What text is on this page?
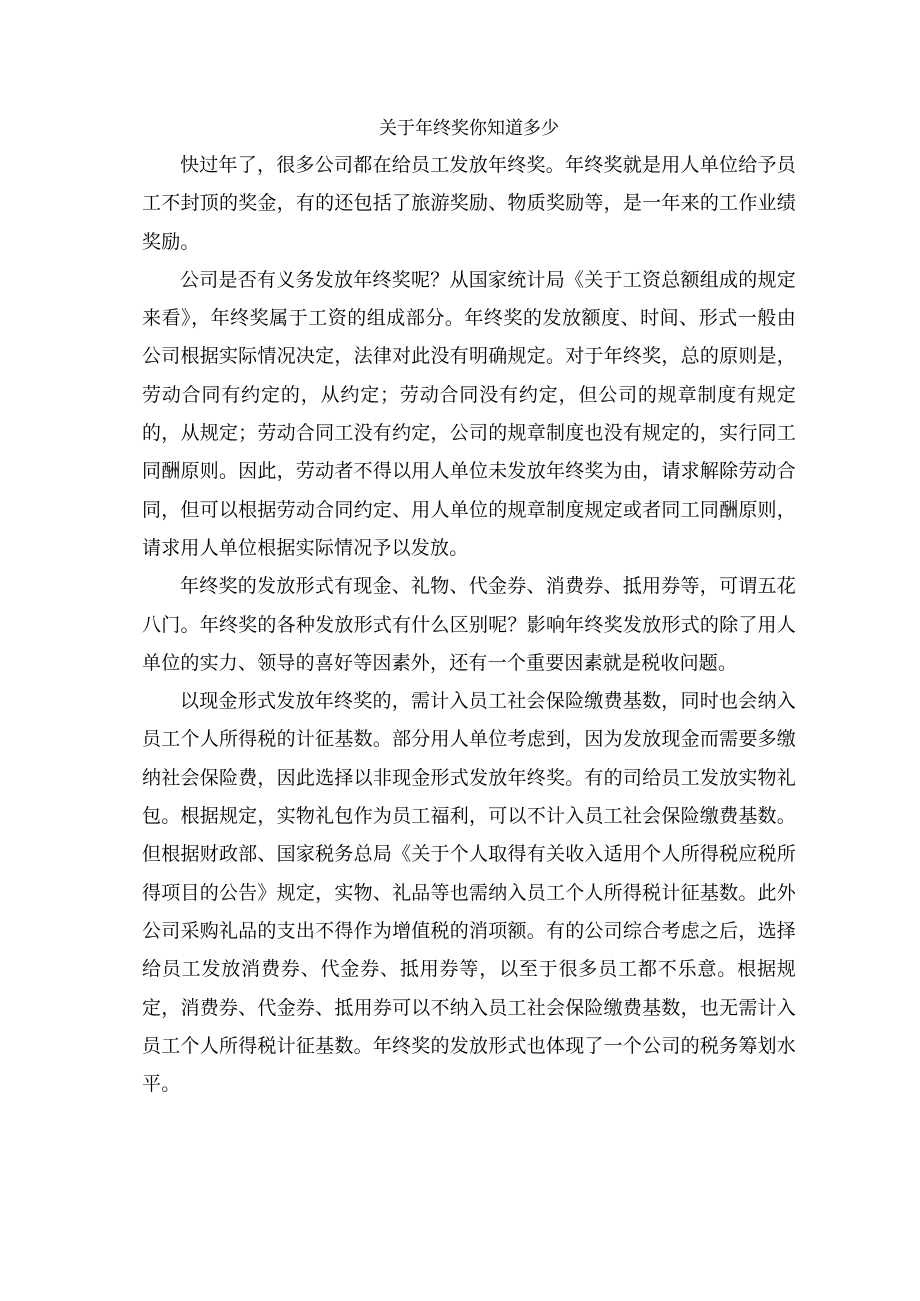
关于年终奖你知道多少

快过年了，很多公司都在给员工发放年终奖。年终奖就是用人单位给予员工不封顶的奖金，有的还包括了旅游奖励、物质奖励等，是一年来的工作业绩奖励。

公司是否有义务发放年终奖呢？从国家统计局《关于工资总额组成的规定来看》，年终奖属于工资的组成部分。年终奖的发放额度、时间、形式一般由公司根据实际情况决定，法律对此没有明确规定。对于年终奖，总的原则是，劳动合同有约定的，从约定；劳动合同没有约定，但公司的规章制度有规定的，从规定；劳动合同工没有约定，公司的规章制度也没有规定的，实行同工同酬原则。因此，劳动者不得以用人单位未发放年终奖为由，请求解除劳动合同，但可以根据劳动合同约定、用人单位的规章制度规定或者同工同酬原则，请求用人单位根据实际情况予以发放。

年终奖的发放形式有现金、礼物、代金券、消费券、抵用券等，可谓五花八门。年终奖的各种发放形式有什么区别呢？影响年终奖发放形式的除了用人单位的实力、领导的喜好等因素外，还有一个重要因素就是税收问题。

以现金形式发放年终奖的，需计入员工社会保险缴费基数，同时也会纳入员工个人所得税的计征基数。部分用人单位考虑到，因为发放现金而需要多缴纳社会保险费，因此选择以非现金形式发放年终奖。有的司给员工发放实物礼包。根据规定，实物礼包作为员工福利，可以不计入员工社会保险缴费基数。但根据财政部、国家税务总局《关于个人取得有关收入适用个人所得税应税所得项目的公告》规定，实物、礼品等也需纳入员工个人所得税计征基数。此外公司采购礼品的支出不得作为增值税的消项额。有的公司综合考虑之后，选择给员工发放消费券、代金券、抵用券等，以至于很多员工都不乐意。根据规定，消费券、代金券、抵用券可以不纳入员工社会保险缴费基数，也无需计入员工个人所得税计征基数。年终奖的发放形式也体现了一个公司的税务筹划水平。
